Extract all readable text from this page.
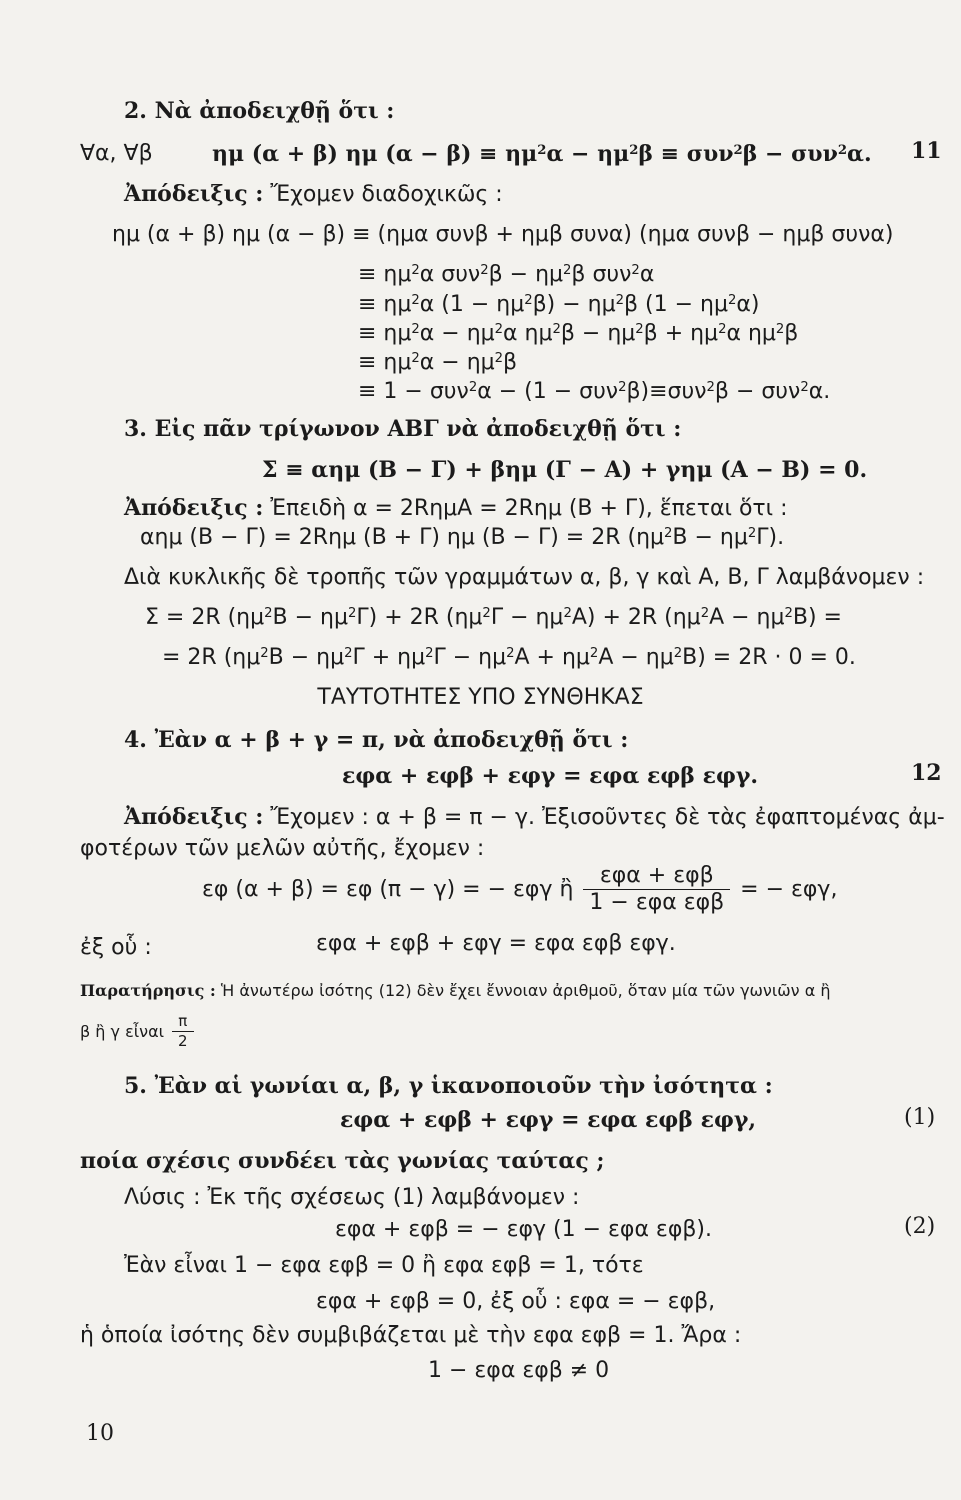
2. Νὰ ἀποδειχθῇ ὅτι :
∀α, ∀β	ημ (α + β) ημ $(\alpha - \beta) \equiv \eta\mu^2\alpha - \eta\mu^2\beta \equiv \sigma\upsilon\nu^2\beta - \sigma\upsilon\nu^2\alpha$. 11
Ἀπόδειξις : Ἔχομεν διαδοχικῶς :
ημ (α + β) ημ (α − β) ≡ (ημα συνβ + ημβ συνα) (ημα συνβ − ημβ συνα)
≡ $\eta\mu^2\alpha$ $\sigma\upsilon\nu^2\beta - \eta\mu^2\beta$ συν$^2$α
≡ $\eta\mu^2\alpha$ $(1 - \eta\mu^2\beta) - \eta\mu^2\beta$ $(1 - \eta\mu^2\alpha)$
≡ $\eta\mu^2\alpha - \eta\mu^2\alpha$ $\eta\mu^2\beta - \eta\mu^2\beta + \eta\mu^2\alpha$ $\eta\mu^2\beta$
≡ $\eta\mu^2\alpha - \eta\mu^2\beta$
≡ 1 − συν$^2$α − (1 − συν$^2$β)≡συν$^2$β − συν$^2$α.
3. Εἰς πᾶν τρίγωνον ΑΒΓ νὰ ἀποδειχθῇ ὅτι :
Σ ≡ αημ (Β − Γ) + βημ (Γ − Α) + γημ (Α − Β) = 0.
Ἀπόδειξις : Ἐπειδὴ α = 2RημΑ = 2Rημ (Β + Γ), ἕπεται ὅτι :
αημ (Β − Γ) = 2Rημ (Β + Γ) ημ (Β − Γ) = 2R $(\eta\mu^2B - \eta\mu^2\Gamma)$.
Διὰ κυκλικῆς δὲ τροπῆς τῶν γραμμάτων α, β, γ καὶ Α, Β, Γ λαμβάνομεν :
Σ = 2R $(\eta\mu^2B - \eta\mu^2\Gamma) + 2R$ $(\eta\mu^2\Gamma - \eta\mu^2A) + 2R$ $(\eta\mu^2A - \eta\mu^2B)$ =
= 2R $(\eta\mu^2B - \eta\mu^2\Gamma + \eta\mu^2\Gamma - \eta\mu^2A + \eta\mu^2A - \eta\mu^2B) = 2R \cdot 0 = 0$.
ΤΑΥΤΟΤΗΤΕΣ ΥΠΟ ΣΥΝΘΗΚΑΣ
4. Ἐὰν α + β + γ = π, νὰ ἀποδειχθῇ ὅτι :
εφα + εφβ + εφγ = εφα εφβ εφγ.	12
Ἀπόδειξις : Ἔχομεν : α + β = π − γ. Ἐξισοῦντες δὲ τὰς ἐφαπτομένας ἀμ-
φοτέρων τῶν μελῶν αὐτῆς, ἔχομεν :
εφ (α + β) = εφ (π − γ) = − εφγ ἢ $\frac{\text{εφα + εφβ}}{\text{1 − εφα εφβ}}$ = − εφγ,
ἐξ οὗ :	εφα + εφβ + εφγ = εφα εφβ εφγ.
Παρατήρησις : Ἡ ἀνωτέρω ἰσότης (12) δὲν ἔχει ἔννοιαν ἀριθμοῦ, ὅταν μία τῶν γωνιῶν α ἢ
β ἢ γ εἶναι $\frac{\pi}{2}$
5. Ἐὰν αἱ γωνίαι α, β, γ ἱκανοποιοῦν τὴν ἰσότητα :
εφα + εφβ + εφγ = εφα εφβ εφγ,	(1)
ποία σχέσις συνδέει τὰς γωνίας ταύτας ;
Λύσις : Ἐκ τῆς σχέσεως (1) λαμβάνομεν :
εφα + εφβ = − εφγ (1 − εφα εφβ).	(2)
Ἐὰν εἶναι 1 − εφα εφβ = 0 ἢ εφα εφβ = 1, τότε
εφα + εφβ = 0, ἐξ οὗ : εφα = − εφβ,
ἡ ὁποία ἰσότης δὲν συμβιβάζεται μὲ τὴν εφα εφβ = 1. Ἄρα :
1 − εφα εφβ ≠ 0
10
